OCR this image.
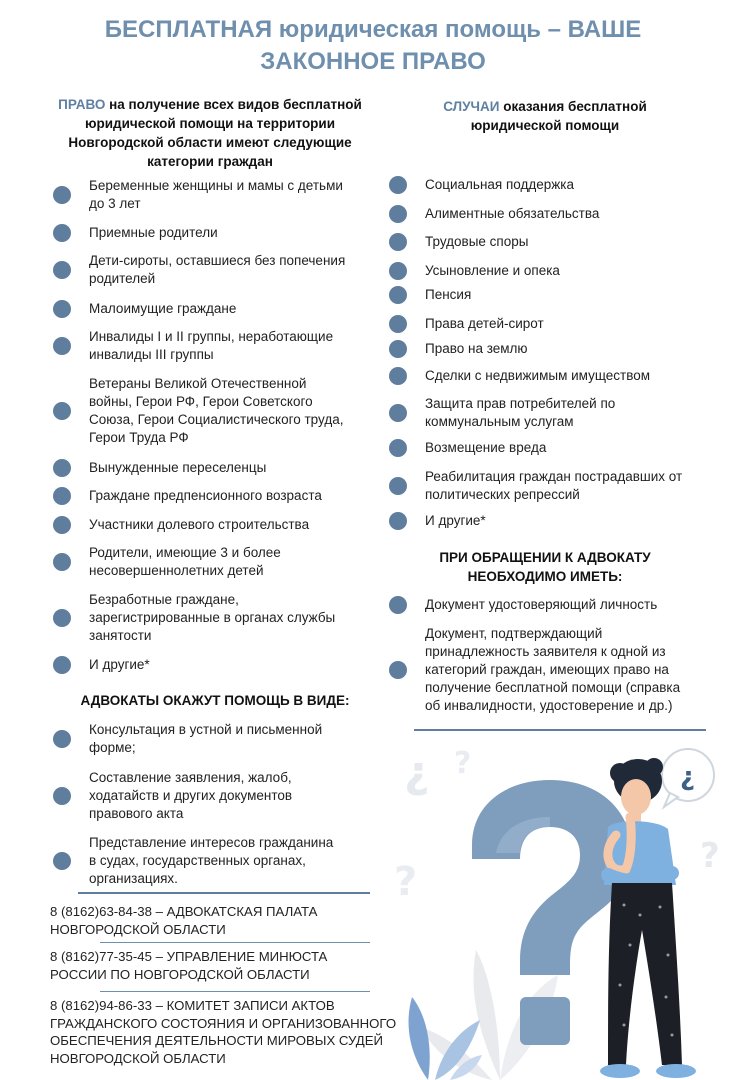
БЕСПЛАТНАЯ юридическая помощь – ВАШЕ
ЗАКОННОЕ ПРАВО
ПРАВО на получение всех видов бесплатной
юридической помощи на территории
Новгородской области имеют следующие
категории граждан
СЛУЧАИ оказания бесплатной
юридической помощи
Беременные женщины и мамы с детьми
до 3 лет
Приемные родители
Дети-сироты, оставшиеся без попечения
родителей
Малоимущие граждане
Инвалиды I и II группы, неработающие
инвалиды III группы
Ветераны Великой Отечественной
войны, Герои РФ, Герои Советского
Союза, Герои Социалистического труда,
Герои Труда РФ
Вынужденные переселенцы
Граждане предпенсионного возраста
Участники долевого строительства
Родители, имеющие 3 и более
несовершеннолетних детей
Безработные граждане,
зарегистрированные в органах службы
занятости
И другие*
Социальная поддержка
Алиментные обязательства
Трудовые споры
Усыновление и опека
Пенсия
Права детей-сирот
Право на землю
Сделки с недвижимым имуществом
Защита прав потребителей по
коммунальным услугам
Возмещение вреда
Реабилитация граждан пострадавших от
политических репрессий
И другие*
АДВОКАТЫ ОКАЖУТ ПОМОЩЬ В ВИДЕ:
Консультация в устной и письменной
форме;
Составление заявления, жалоб,
ходатайств и других документов
правового акта
Представление интересов гражданина
в судах, государственных органах,
организациях.
ПРИ ОБРАЩЕНИИ К АДВОКАТУ
НЕОБХОДИМО ИМЕТЬ:
Документ удостоверяющий личность
Документ, подтверждающий
принадлежность заявителя к одной из
категорий граждан, имеющих право на
получение бесплатной помощи (справка
об инвалидности, удостоверение и др.)
8 (8162)63-84-38 – АДВОКАТСКАЯ ПАЛАТА
НОВГОРОДСКОЙ ОБЛАСТИ
8 (8162)77-35-45 – УПРАВЛЕНИЕ МИНЮСТА
РОССИИ ПО НОВГОРОДСКОЙ ОБЛАСТИ
8 (8162)94-86-33 – КОМИТЕТ ЗАПИСИ АКТОВ
ГРАЖДАНСКОГО СОСТОЯНИЯ И ОРГАНИЗОВАННОГО
ОБЕСПЕЧЕНИЯ ДЕЯТЕЛЬНОСТИ МИРОВЫХ СУДЕЙ
НОВГОРОДСКОЙ ОБЛАСТИ
¿ ?
?
?
¿
